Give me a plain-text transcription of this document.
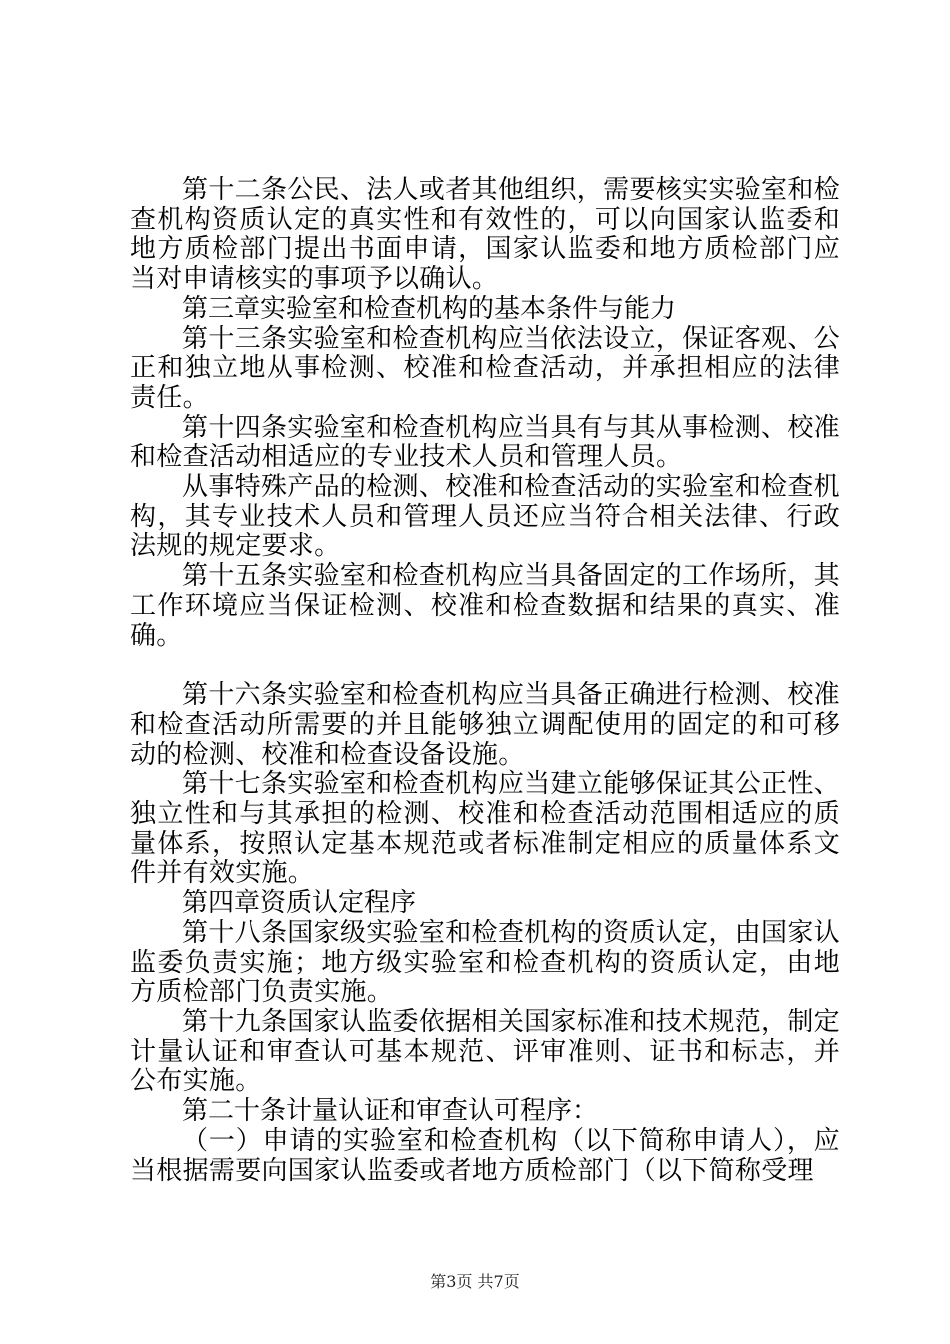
第十二条公民、法人或者其他组织，需要核实实验室和检查机构资质认定的真实性和有效性的，可以向国家认监委和地方质检部门提出书面申请，国家认监委和地方质检部门应当对申请核实的事项予以确认。

第三章实验室和检查机构的基本条件与能力

第十三条实验室和检查机构应当依法设立，保证客观、公正和独立地从事检测、校准和检查活动，并承担相应的法律责任。

第十四条实验室和检查机构应当具有与其从事检测、校准和检查活动相适应的专业技术人员和管理人员。

从事特殊产品的检测、校准和检查活动的实验室和检查机构，其专业技术人员和管理人员还应当符合相关法律、行政法规的规定要求。

第十五条实验室和检查机构应当具备固定的工作场所，其工作环境应当保证检测、校准和检查数据和结果的真实、准确。

第十六条实验室和检查机构应当具备正确进行检测、校准和检查活动所需要的并且能够独立调配使用的固定的和可移动的检测、校准和检查设备设施。

第十七条实验室和检查机构应当建立能够保证其公正性、独立性和与其承担的检测、校准和检查活动范围相适应的质量体系，按照认定基本规范或者标准制定相应的质量体系文件并有效实施。

第四章资质认定程序

第十八条国家级实验室和检查机构的资质认定，由国家认监委负责实施；地方级实验室和检查机构的资质认定，由地方质检部门负责实施。

第十九条国家认监委依据相关国家标准和技术规范，制定计量认证和审查认可基本规范、评审准则、证书和标志，并公布实施。

第二十条计量认证和审查认可程序：

（一）申请的实验室和检查机构（以下简称申请人），应当根据需要向国家认监委或者地方质检部门（以下简称受理

第3页 共7页
